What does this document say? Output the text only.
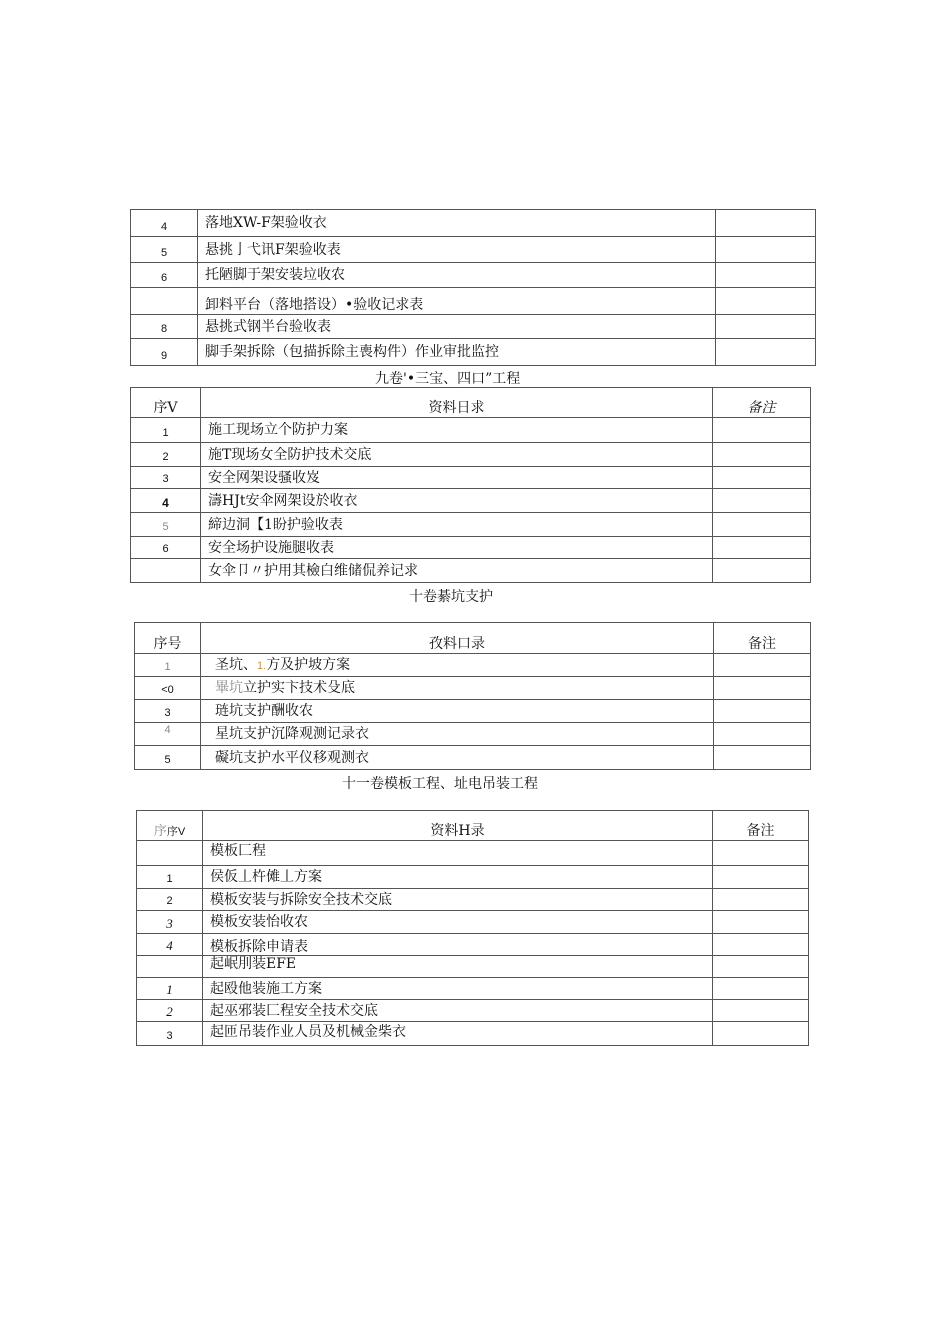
4	落地XW-F架验收衣	
5	悬挑亅弋讯F架验收表	
6	托陋脚于架安装垃收农	
	卸料平台（落地搭设）•验收记求表	
8	悬挑式钢半台验收表	
9	脚手架拆除（包描拆除主喪构件）作业审批监控	
九卷'•三宝、四口”工程
序V	资料日求	备注
1	施工现场立个防护力案	
2	施T现场女全防护技术交底	
3	安全网架设骚收岌	
4	濤HJt安伞网架设於收衣	
5	締边洞【1盼护验收表	
6	安全场护设施腿收表	
	女伞卩〃护用其檢白维储侃养记求	
十卷綦坑支护
序号	孜料口录	备注
1	圣坑、1.方及护坡方案	
<0	畢坑立护实卞技术殳底	
3	琏坑支护酬收农	
4	星坑支护沉降观测记录衣	
5	礙坑支护水平仪移观测衣	
十一卷模板工程、址电吊装工程
序序V	资料H录	备注
	模板匚程	
1	侯仮丄杵傩丄方案	
2	模板安装与拆除安全技术交底	
3	模板安装怡收农	
4	模板拆除申请表	
	起岷刖装EFE	
1	起殴他装施工方案	
2	起巫邪装匚程安全技术交底	
3	起匝吊装作业人员及机械金柴衣	
